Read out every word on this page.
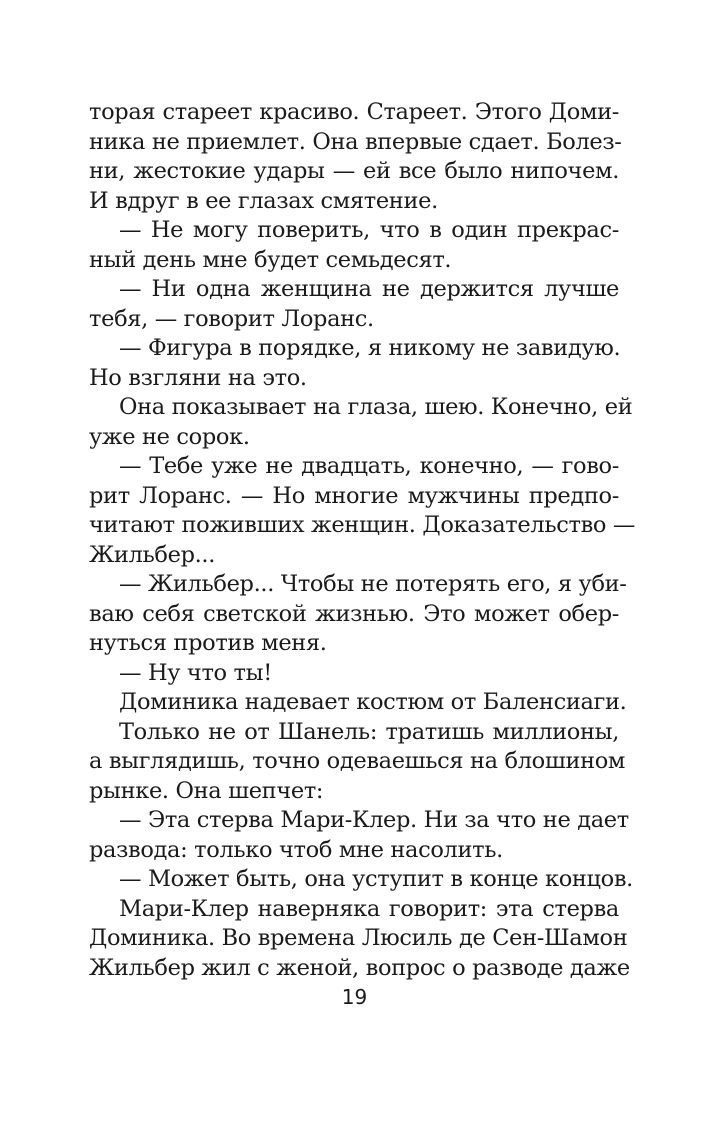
торая стареет красиво. Стареет. Этого Доми-
ника не приемлет. Она впервые сдает. Болез-
ни, жестокие удары — ей все было нипочем.
И вдруг в ее глазах смятение.
— Не могу поверить, что в один прекрас-
ный день мне будет семьдесят.
— Ни одна женщина не держится лучше
тебя, — говорит Лоранс.
— Фигура в порядке, я никому не завидую.
Но взгляни на это.
Она показывает на глаза, шею. Конечно, ей
уже не сорок.
— Тебе уже не двадцать, конечно, — гово-
рит Лоранс. — Но многие мужчины предпо-
читают поживших женщин. Доказательство —
Жильбер...
— Жильбер... Чтобы не потерять его, я уби-
ваю себя светской жизнью. Это может обер-
нуться против меня.
— Ну что ты!
Доминика надевает костюм от Баленсиаги.
Только не от Шанель: тратишь миллионы,
а выглядишь, точно одеваешься на блошином
рынке. Она шепчет:
— Эта стерва Мари-Клер. Ни за что не дает
развода: только чтоб мне насолить.
— Может быть, она уступит в конце концов.
Мари-Клер наверняка говорит: эта стерва
Доминика. Во времена Люсиль де Сен-Шамон
Жильбер жил с женой, вопрос о разводе даже
19
